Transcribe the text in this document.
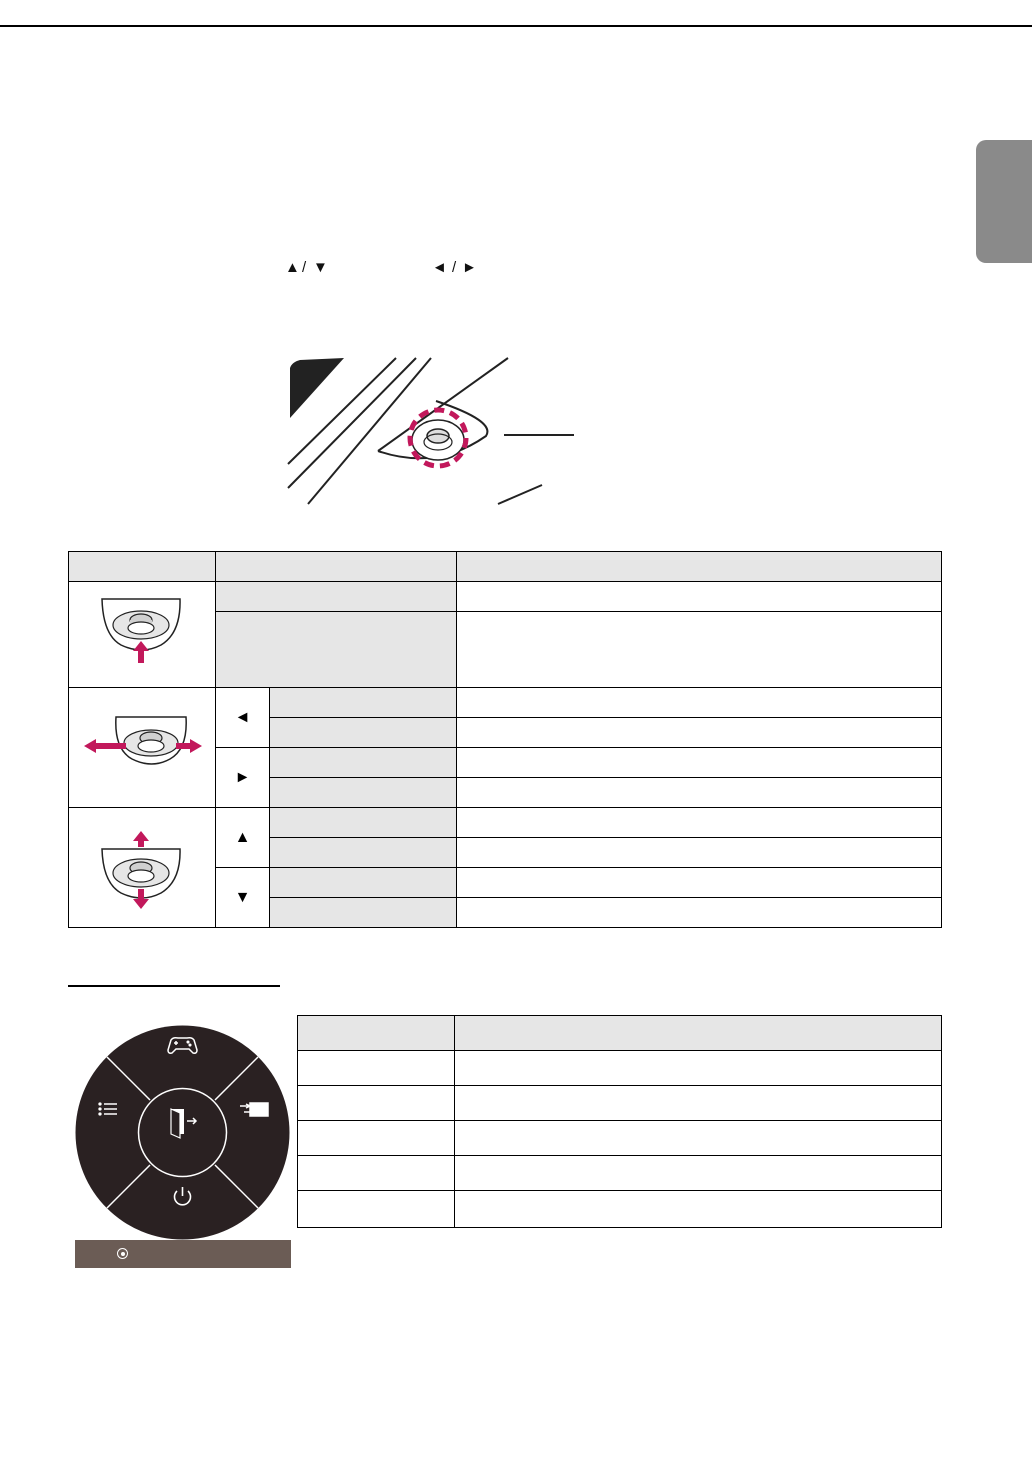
▲ / ▼	◄ / ►

	◄		

	►		

	▲		

	▼		
